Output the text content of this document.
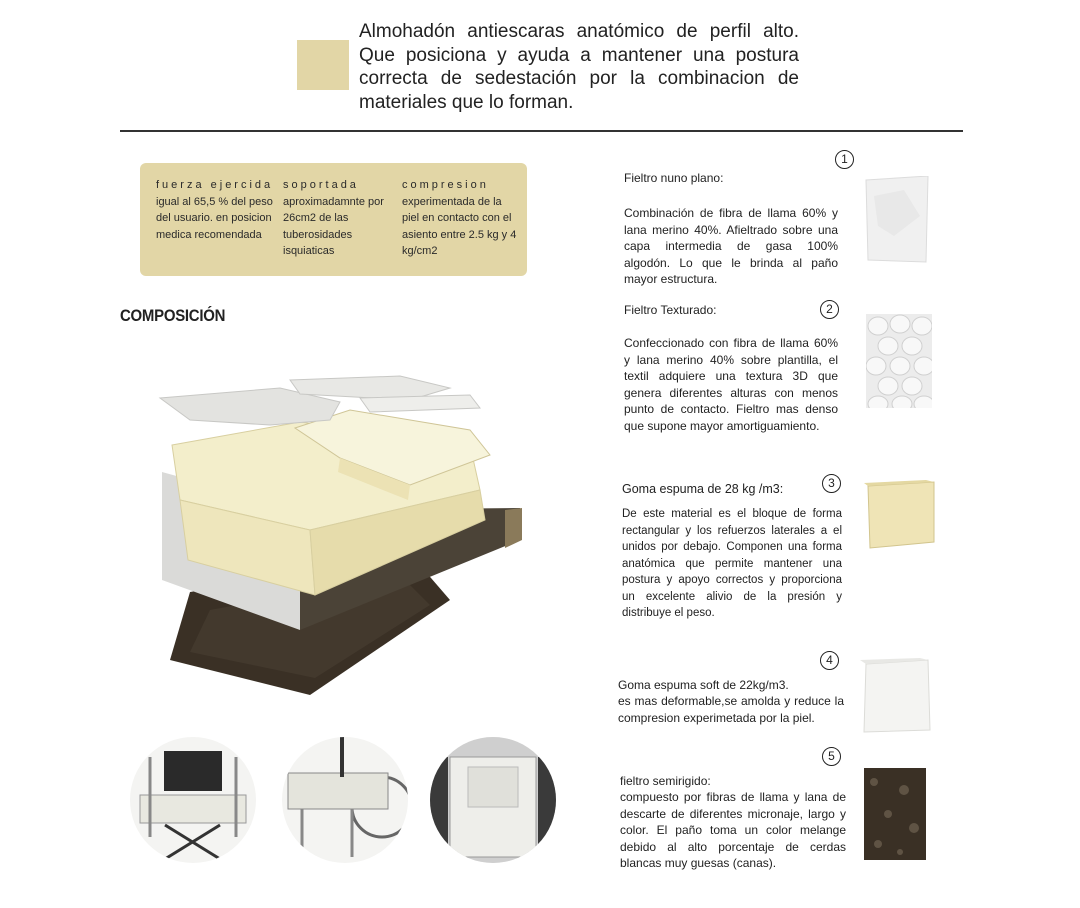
Almohadón antiescaras anatómico de perfil alto. Que posiciona y ayuda a mantener una postura correcta de sedestación por la combinacion de materiales que lo forman.

fuerza ejercida
igual al 65,5 % del peso del usuario. en posicion medica recomendada
soportada
aproximadamnte por 26cm2 de las tuberosidades isquiaticas
compresion
experimentada de la piel en contacto con el asiento entre 2.5 kg y 4 kg/cm2
COMPOSICIÓN
1
Fieltro nuno plano:
Combinación de fibra de llama 60% y lana merino 40%. Afieltrado sobre una capa intermedia de gasa 100% algodón. Lo que le brinda al paño mayor estructura.
2
Fieltro Texturado:
Confeccionado con fibra de llama 60% y lana merino 40% sobre plantilla, el textil adquiere una textura 3D que genera diferentes alturas con menos punto de contacto. Fieltro mas denso que supone mayor amortiguamiento.
3
Goma espuma de 28 kg /m3:
De este material es el bloque de forma rectangular y los refuerzos laterales a el unidos por debajo. Componen una forma anatómica que permite mantener una postura y apoyo correctos y proporciona un excelente alivio de la presión y distribuye el peso.
4
Goma espuma soft de 22kg/m3.
es mas deformable,se amolda y reduce la compresion experimetada por la piel.
5
fieltro semirigido:
compuesto por fibras de llama y lana de descarte de diferentes micronaje, largo y color. El paño toma un color melange debido al alto porcentaje de cerdas blancas muy guesas (canas).
